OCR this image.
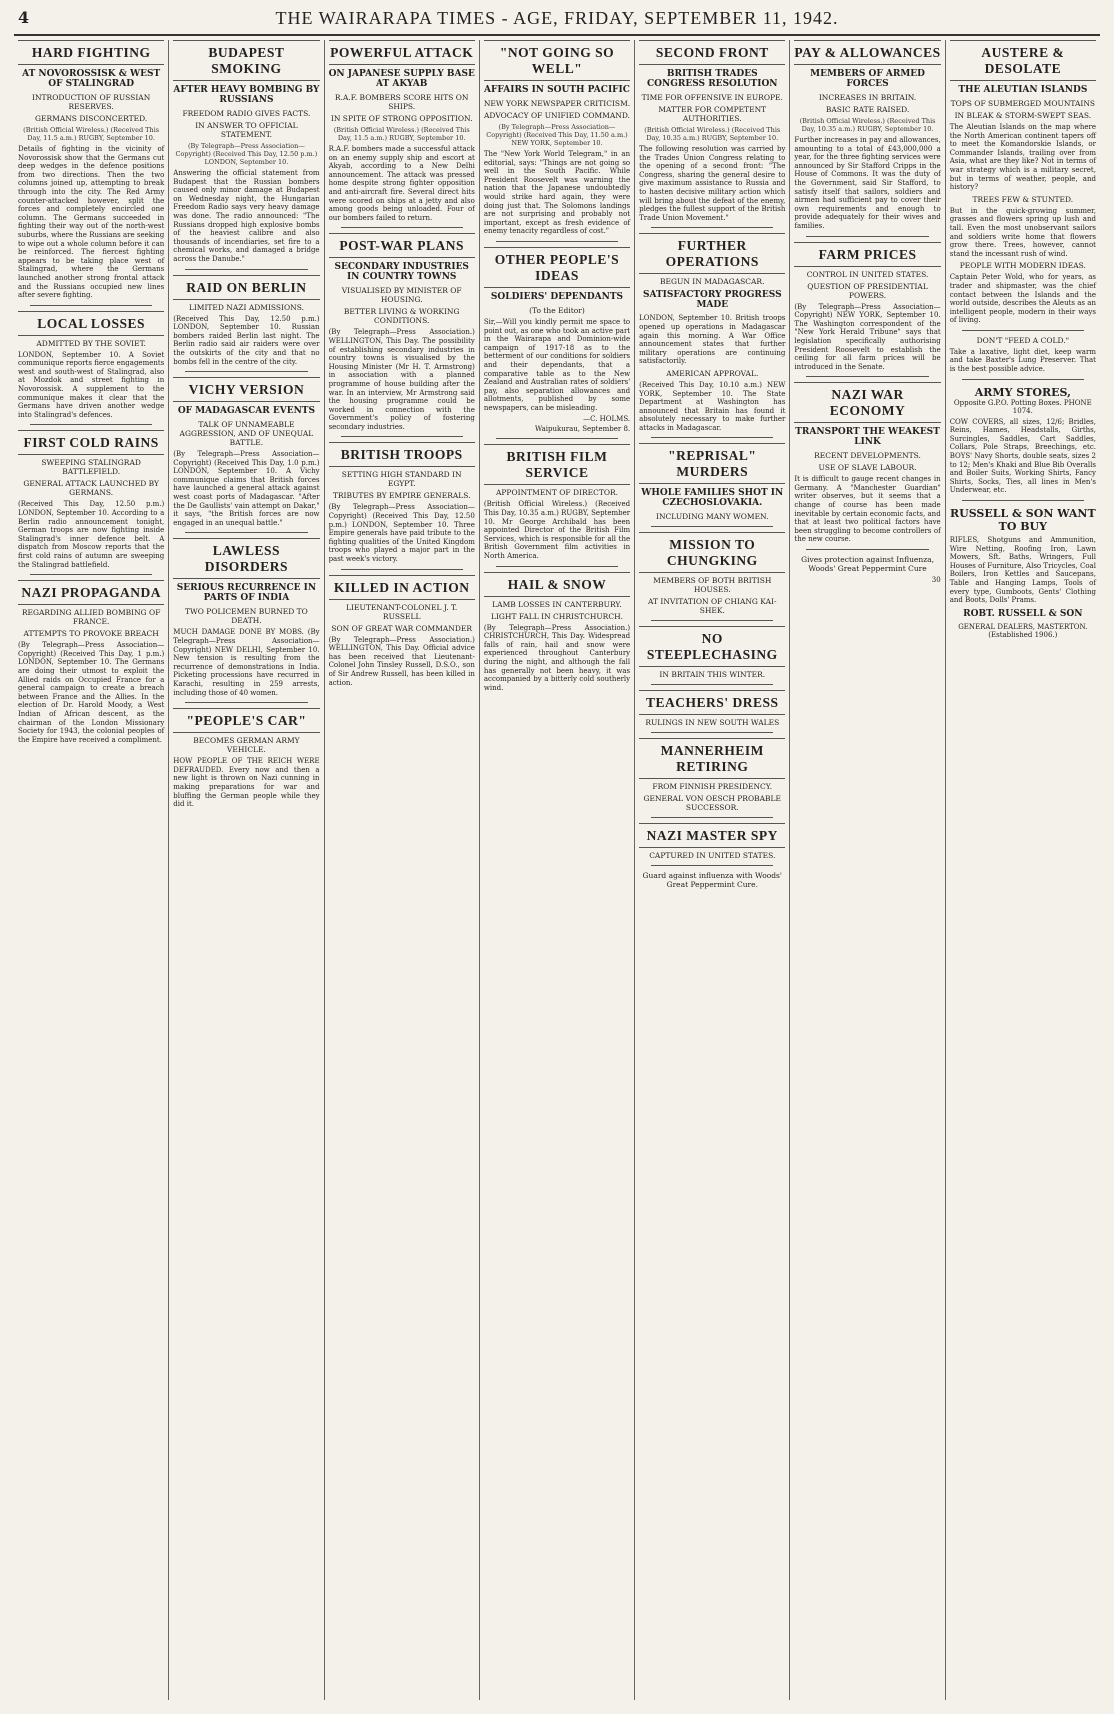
4	THE WAIRARAPA TIMES - AGE, FRIDAY, SEPTEMBER 11, 1942.
HARD FIGHTING
AT NOVOROSSISK & WEST OF STALINGRAD
INTRODUCTION OF RUSSIAN RESERVES.
GERMANS DISCONCERTED.
(British Official Wireless.) (Received This Day, 11.5 a.m.) RUGBY, September 10.
Details of fighting in the vicinity of Novorossisk show that the Germans cut deep wedges in the defence positions from two directions. Then the two columns joined up, attempting to break through into the city. The Red Army counter-attacked however, split the forces and completely encircled one column. The Germans succeeded in fighting their way out of the north-west suburbs, where the Russians are seeking to wipe out a whole column before it can be reinforced. The fiercest fighting appears to be taking place west of Stalingrad, where the Germans launched another strong frontal attack and the Russians occupied new lines after severe fighting.
LOCAL LOSSES
ADMITTED BY THE SOVIET.
LONDON, September 10. A Soviet communique reports fierce engagements west and south-west of Stalingrad, also at Mozdok and street fighting in Novorossisk. A supplement to the communique makes it clear that the Germans have driven another wedge into Stalingrad's defences.
FIRST COLD RAINS
SWEEPING STALINGRAD BATTLEFIELD.
GENERAL ATTACK LAUNCHED BY GERMANS.
(Received This Day, 12.50 p.m.) LONDON, September 10. According to a Berlin radio announcement tonight, German troops are now fighting inside Stalingrad's inner defence belt. A dispatch from Moscow reports that the first cold rains of autumn are sweeping the Stalingrad battlefield.
NAZI PROPAGANDA
REGARDING ALLIED BOMBING OF FRANCE.
ATTEMPTS TO PROVOKE BREACH
(By Telegraph—Press Association—Copyright) (Received This Day, 1 p.m.) LONDON, September 10. The Germans are doing their utmost to exploit the Allied raids on Occupied France for a general campaign to create a breach between France and the Allies. In the election of Dr. Harold Moody, a West Indian of African descent, as the chairman of the London Missionary Society for 1943, the colonial peoples of the Empire have received a compliment.
BUDAPEST SMOKING
AFTER HEAVY BOMBING BY RUSSIANS
FREEDOM RADIO GIVES FACTS.
IN ANSWER TO OFFICIAL STATEMENT.
(By Telegraph—Press Association—Copyright) (Received This Day, 12.50 p.m.) LONDON, September 10.
Answering the official statement from Budapest that the Russian bombers caused only minor damage at Budapest on Wednesday night, the Hungarian Freedom Radio says very heavy damage was done. The radio announced: "The Russians dropped high explosive bombs of the heaviest calibre and also thousands of incendiaries, set fire to a chemical works, and damaged a bridge across the Danube."
RAID ON BERLIN
LIMITED NAZI ADMISSIONS.
(Received This Day, 12.50 p.m.) LONDON, September 10. Russian bombers raided Berlin last night. The Berlin radio said air raiders were over the outskirts of the city and that no bombs fell in the centre of the city.
VICHY VERSION
OF MADAGASCAR EVENTS
TALK OF UNNAMEABLE AGGRESSION, AND OF UNEQUAL BATTLE.
(By Telegraph—Press Association—Copyright) (Received This Day, 1.0 p.m.) LONDON, September 10. A Vichy communique claims that British forces have launched a general attack against west coast ports of Madagascar. "After the De Gaullists' vain attempt on Dakar," it says, "the British forces are now engaged in an unequal battle."
LAWLESS DISORDERS
SERIOUS RECURRENCE IN PARTS OF INDIA
TWO POLICEMEN BURNED TO DEATH.
MUCH DAMAGE DONE BY MOBS. (By Telegraph—Press Association—Copyright) NEW DELHI, September 10. New tension is resulting from the recurrence of demonstrations in India. Picketing processions have recurred in Karachi, resulting in 259 arrests, including those of 40 women.
"PEOPLE'S CAR"
BECOMES GERMAN ARMY VEHICLE.
HOW PEOPLE OF THE REICH WERE DEFRAUDED. Every now and then a new light is thrown on Nazi cunning in making preparations for war and bluffing the German people while they did it.
POWERFUL ATTACK
ON JAPANESE SUPPLY BASE AT AKYAB
R.A.F. BOMBERS SCORE HITS ON SHIPS.
IN SPITE OF STRONG OPPOSITION.
(British Official Wireless.) (Received This Day, 11.5 a.m.) RUGBY, September 10.
R.A.F. bombers made a successful attack on an enemy supply ship and escort at Akyab, according to a New Delhi announcement. The attack was pressed home despite strong fighter opposition and anti-aircraft fire. Several direct hits were scored on ships at a jetty and also among goods being unloaded. Four of our bombers failed to return.
POST-WAR PLANS
SECONDARY INDUSTRIES IN COUNTRY TOWNS
VISUALISED BY MINISTER OF HOUSING.
BETTER LIVING & WORKING CONDITIONS.
(By Telegraph—Press Association.) WELLINGTON, This Day. The possibility of establishing secondary industries in country towns is visualised by the Housing Minister (Mr H. T. Armstrong) in association with a planned programme of house building after the war. In an interview, Mr Armstrong said the housing programme could be worked in connection with the Government's policy of fostering secondary industries.
BRITISH TROOPS
SETTING HIGH STANDARD IN EGYPT.
TRIBUTES BY EMPIRE GENERALS.
(By Telegraph—Press Association—Copyright) (Received This Day, 12.50 p.m.) LONDON, September 10. Three Empire generals have paid tribute to the fighting qualities of the United Kingdom troops who played a major part in the past week's victory.
KILLED IN ACTION
LIEUTENANT-COLONEL J. T. RUSSELL
SON OF GREAT WAR COMMANDER
(By Telegraph—Press Association.) WELLINGTON, This Day. Official advice has been received that Lieutenant-Colonel John Tinsley Russell, D.S.O., son of Sir Andrew Russell, has been killed in action.
"NOT GOING SO WELL"
AFFAIRS IN SOUTH PACIFIC
NEW YORK NEWSPAPER CRITICISM.
ADVOCACY OF UNIFIED COMMAND.
(By Telegraph—Press Association—Copyright) (Received This Day, 11.50 a.m.) NEW YORK, September 10.
The "New York World Telegram," in an editorial, says: "Things are not going so well in the South Pacific. While President Roosevelt was warning the nation that the Japanese undoubtedly would strike hard again, they were doing just that. The Solomons landings are not surprising and probably not important, except as fresh evidence of enemy tenacity regardless of cost."
OTHER PEOPLE'S IDEAS
SOLDIERS' DEPENDANTS
(To the Editor)
Sir,—Will you kindly permit me space to point out, as one who took an active part in the Wairarapa and Dominion-wide campaign of 1917-18 as to the betterment of our conditions for soldiers and their dependants, that a comparative table as to the New Zealand and Australian rates of soldiers' pay, also separation allowances and allotments, published by some newspapers, can be misleading.
—C. HOLMS.
Waipukurau, September 8.
BRITISH FILM SERVICE
APPOINTMENT OF DIRECTOR.
(British Official Wireless.) (Received This Day, 10.35 a.m.) RUGBY, September 10. Mr George Archibald has been appointed Director of the British Film Services, which is responsible for all the British Government film activities in North America.
HAIL & SNOW
LAMB LOSSES IN CANTERBURY.
LIGHT FALL IN CHRISTCHURCH.
(By Telegraph—Press Association.) CHRISTCHURCH, This Day. Widespread falls of rain, hail and snow were experienced throughout Canterbury during the night, and although the fall has generally not been heavy, it was accompanied by a bitterly cold southerly wind.
SECOND FRONT
BRITISH TRADES CONGRESS RESOLUTION
TIME FOR OFFENSIVE IN EUROPE.
MATTER FOR COMPETENT AUTHORITIES.
(British Official Wireless.) (Received This Day, 10.35 a.m.) RUGBY, September 10.
The following resolution was carried by the Trades Union Congress relating to the opening of a second front: "The Congress, sharing the general desire to give maximum assistance to Russia and to hasten decisive military action which will bring about the defeat of the enemy, pledges the fullest support of the British Trade Union Movement."
FURTHER OPERATIONS
BEGUN IN MADAGASCAR.
SATISFACTORY PROGRESS MADE
LONDON, September 10. British troops opened up operations in Madagascar again this morning. A War Office announcement states that further military operations are continuing satisfactorily.
AMERICAN APPROVAL.
(Received This Day, 10.10 a.m.) NEW YORK, September 10. The State Department at Washington has announced that Britain has found it absolutely necessary to make further attacks in Madagascar.
"REPRISAL" MURDERS
WHOLE FAMILIES SHOT IN CZECHOSLOVAKIA.
INCLUDING MANY WOMEN.
MISSION TO CHUNGKING
MEMBERS OF BOTH BRITISH HOUSES.
AT INVITATION OF CHIANG KAI-SHEK.
NO STEEPLECHASING
IN BRITAIN THIS WINTER.
TEACHERS' DRESS
RULINGS IN NEW SOUTH WALES
MANNERHEIM RETIRING
FROM FINNISH PRESIDENCY.
GENERAL VON OESCH PROBABLE SUCCESSOR.
NAZI MASTER SPY
CAPTURED IN UNITED STATES.
Guard against influenza with Woods' Great Peppermint Cure.
PAY & ALLOWANCES
MEMBERS OF ARMED FORCES
INCREASES IN BRITAIN.
BASIC RATE RAISED.
(British Official Wireless.) (Received This Day, 10.35 a.m.) RUGBY, September 10.
Further increases in pay and allowances, amounting to a total of £43,000,000 a year, for the three fighting services were announced by Sir Stafford Cripps in the House of Commons. It was the duty of the Government, said Sir Stafford, to satisfy itself that sailors, soldiers and airmen had sufficient pay to cover their own requirements and enough to provide adequately for their wives and families.
FARM PRICES
CONTROL IN UNITED STATES.
QUESTION OF PRESIDENTIAL POWERS.
(By Telegraph—Press Association—Copyright) NEW YORK, September 10. The Washington correspondent of the "New York Herald Tribune" says that legislation specifically authorising President Roosevelt to establish the ceiling for all farm prices will be introduced in the Senate.
NAZI WAR ECONOMY
TRANSPORT THE WEAKEST LINK
RECENT DEVELOPMENTS.
USE OF SLAVE LABOUR.
It is difficult to gauge recent changes in Germany. A "Manchester Guardian" writer observes, but it seems that a change of course has been made inevitable by certain economic facts, and that at least two political factors have been struggling to become controllers of the new course.
Gives protection against Influenza, Woods' Great Peppermint Cure
30
AUSTERE & DESOLATE
THE ALEUTIAN ISLANDS
TOPS OF SUBMERGED MOUNTAINS
IN BLEAK & STORM-SWEPT SEAS.
The Aleutian Islands on the map where the North American continent tapers off to meet the Komandorskie Islands, or Commander Islands, trailing over from Asia, what are they like? Not in terms of war strategy which is a military secret, but in terms of weather, people, and history?
TREES FEW & STUNTED.
But in the quick-growing summer, grasses and flowers spring up lush and tall. Even the most unobservant sailors and soldiers write home that flowers grow there. Trees, however, cannot stand the incessant rush of wind.
PEOPLE WITH MODERN IDEAS.
Captain Peter Wold, who for years, as trader and shipmaster, was the chief contact between the Islands and the world outside, describes the Aleuts as an intelligent people, modern in their ways of living.
DON'T "FEED A COLD."
Take a laxative, light diet, keep warm and take Baxter's Lung Preserver. That is the best possible advice.
ARMY STORES,
Opposite G.P.O. Potting Boxes. PHONE 1074.
COW COVERS, all sizes, 12/6; Bridles, Reins, Hames, Headstalls, Girths, Surcingles, Saddles, Cart Saddles, Collars, Pole Straps, Breechings, etc. BOYS' Navy Shorts, double seats, sizes 2 to 12; Men's Khaki and Blue Bib Overalls and Boiler Suits, Working Shirts, Fancy Shirts, Socks, Ties, all lines in Men's Underwear, etc.
RUSSELL & SON WANT TO BUY
RIFLES, Shotguns and Ammunition, Wire Netting, Roofing Iron, Lawn Mowers, Sft. Baths, Wringers, Full Houses of Furniture, Also Tricycles, Coal Boilers, Iron Kettles and Saucepans, Table and Hanging Lamps, Tools of every type, Gumboots, Gents' Clothing and Boots, Dolls' Prams.
ROBT. RUSSELL & SON
GENERAL DEALERS, MASTERTON.
(Established 1906.)
